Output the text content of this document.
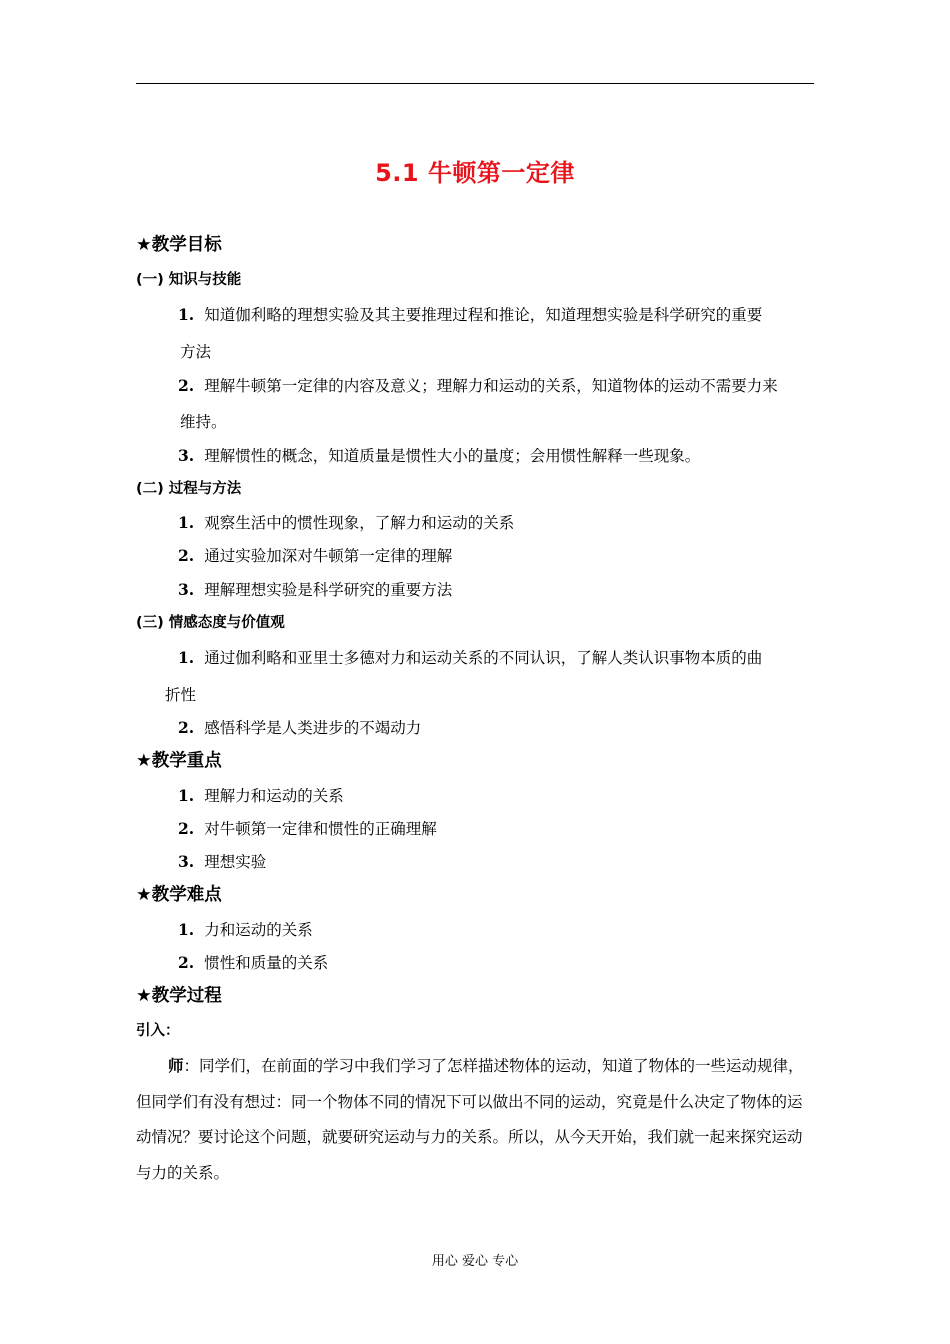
5.1 牛顿第一定律
★教学目标
(一) 知识与技能
1. 知道伽利略的理想实验及其主要推理过程和推论，知道理想实验是科学研究的重要
方法
2. 理解牛顿第一定律的内容及意义；理解力和运动的关系，知道物体的运动不需要力来
维持。
3. 理解惯性的概念，知道质量是惯性大小的量度；会用惯性解释一些现象。
(二) 过程与方法
1. 观察生活中的惯性现象，了解力和运动的关系
2. 通过实验加深对牛顿第一定律的理解
3. 理解理想实验是科学研究的重要方法
(三) 情感态度与价值观
1. 通过伽利略和亚里士多德对力和运动关系的不同认识，了解人类认识事物本质的曲
折性
2. 感悟科学是人类进步的不竭动力
★教学重点
1. 理解力和运动的关系
2. 对牛顿第一定律和惯性的正确理解
3. 理想实验
★教学难点
1. 力和运动的关系
2. 惯性和质量的关系
★教学过程
引入：
师：同学们，在前面的学习中我们学习了怎样描述物体的运动，知道了物体的一些运动规律，但同学们有没有想过：同一个物体不同的情况下可以做出不同的运动，究竟是什么决定了物体的运动情况？要讨论这个问题，就要研究运动与力的关系。所以，从今天开始，我们就一起来探究运动与力的关系。
用心 爱心 专心
